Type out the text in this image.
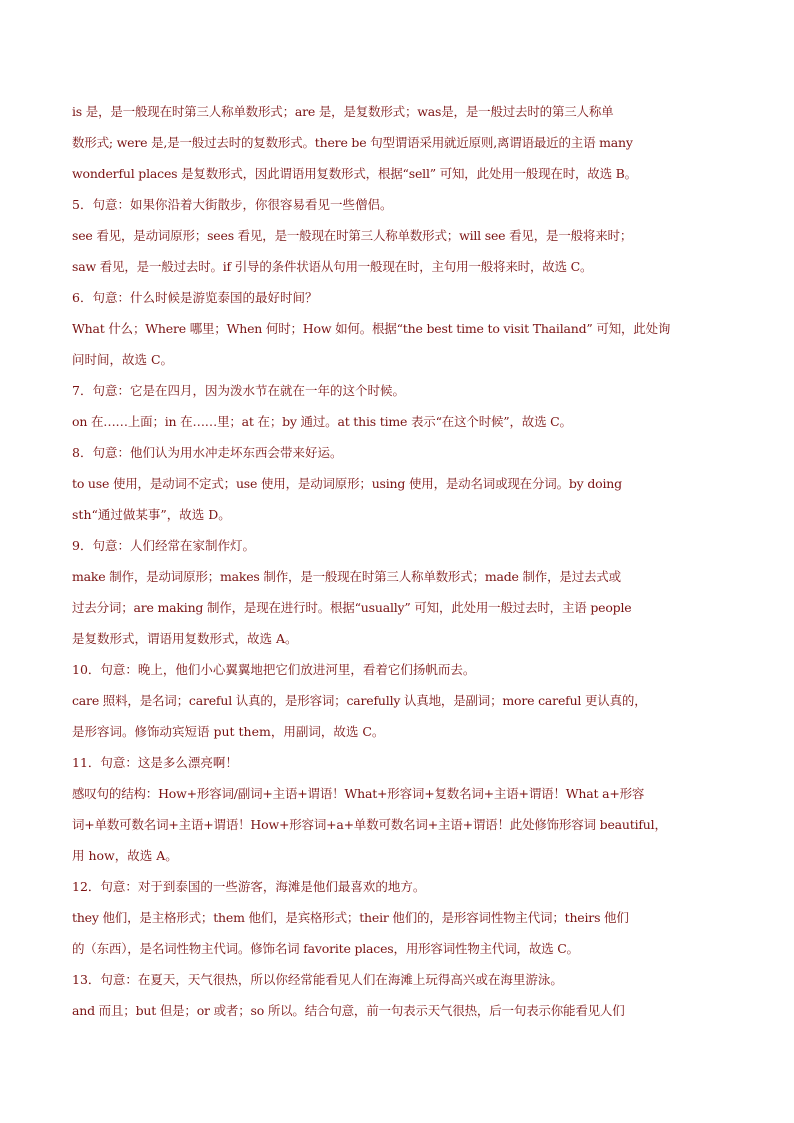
is 是，是一般现在时第三人称单数形式；are 是，是复数形式；was是，是一般过去时的第三人称单
数形式; were 是,是一般过去时的复数形式。there be 句型谓语采用就近原则,离谓语最近的主语 many
wonderful places 是复数形式，因此谓语用复数形式，根据“sell” 可知，此处用一般现在时，故选 B。
5．句意：如果你沿着大街散步，你很容易看见一些僧侣。
see 看见，是动词原形；sees 看见，是一般现在时第三人称单数形式；will see 看见，是一般将来时；
saw 看见，是一般过去时。if 引导的条件状语从句用一般现在时，主句用一般将来时，故选 C。
6．句意：什么时候是游览泰国的最好时间？
What 什么；Where 哪里；When 何时；How 如何。根据“the best time to visit Thailand” 可知，此处询
问时间，故选 C。
7．句意：它是在四月，因为泼水节在就在一年的这个时候。
on 在……上面；in 在……里；at 在；by 通过。at this time 表示“在这个时候”，故选 C。
8．句意：他们认为用水冲走坏东西会带来好运。
to use 使用，是动词不定式；use 使用，是动词原形；using 使用，是动名词或现在分词。by doing
sth“通过做某事”，故选 D。
9．句意：人们经常在家制作灯。
make 制作，是动词原形；makes 制作，是一般现在时第三人称单数形式；made 制作，是过去式或
过去分词；are making 制作，是现在进行时。根据“usually” 可知，此处用一般过去时，主语 people
是复数形式，谓语用复数形式，故选 A。
10．句意：晚上，他们小心翼翼地把它们放进河里，看着它们扬帆而去。
care 照料，是名词；careful 认真的，是形容词；carefully 认真地，是副词；more careful 更认真的，
是形容词。修饰动宾短语 put them，用副词，故选 C。
11．句意：这是多么漂亮啊！
感叹句的结构：How+形容词/副词+主语+谓语！What+形容词+复数名词+主语+谓语！What a+形容
词+单数可数名词+主语+谓语！How+形容词+a+单数可数名词+主语+谓语！此处修饰形容词 beautiful，
用 how，故选 A。
12．句意：对于到泰国的一些游客，海滩是他们最喜欢的地方。
they 他们，是主格形式；them 他们，是宾格形式；their 他们的，是形容词性物主代词；theirs 他们
的（东西），是名词性物主代词。修饰名词 favorite places，用形容词性物主代词，故选 C。
13．句意：在夏天，天气很热，所以你经常能看见人们在海滩上玩得高兴或在海里游泳。
and 而且；but 但是；or 或者；so 所以。结合句意，前一句表示天气很热，后一句表示你能看见人们
